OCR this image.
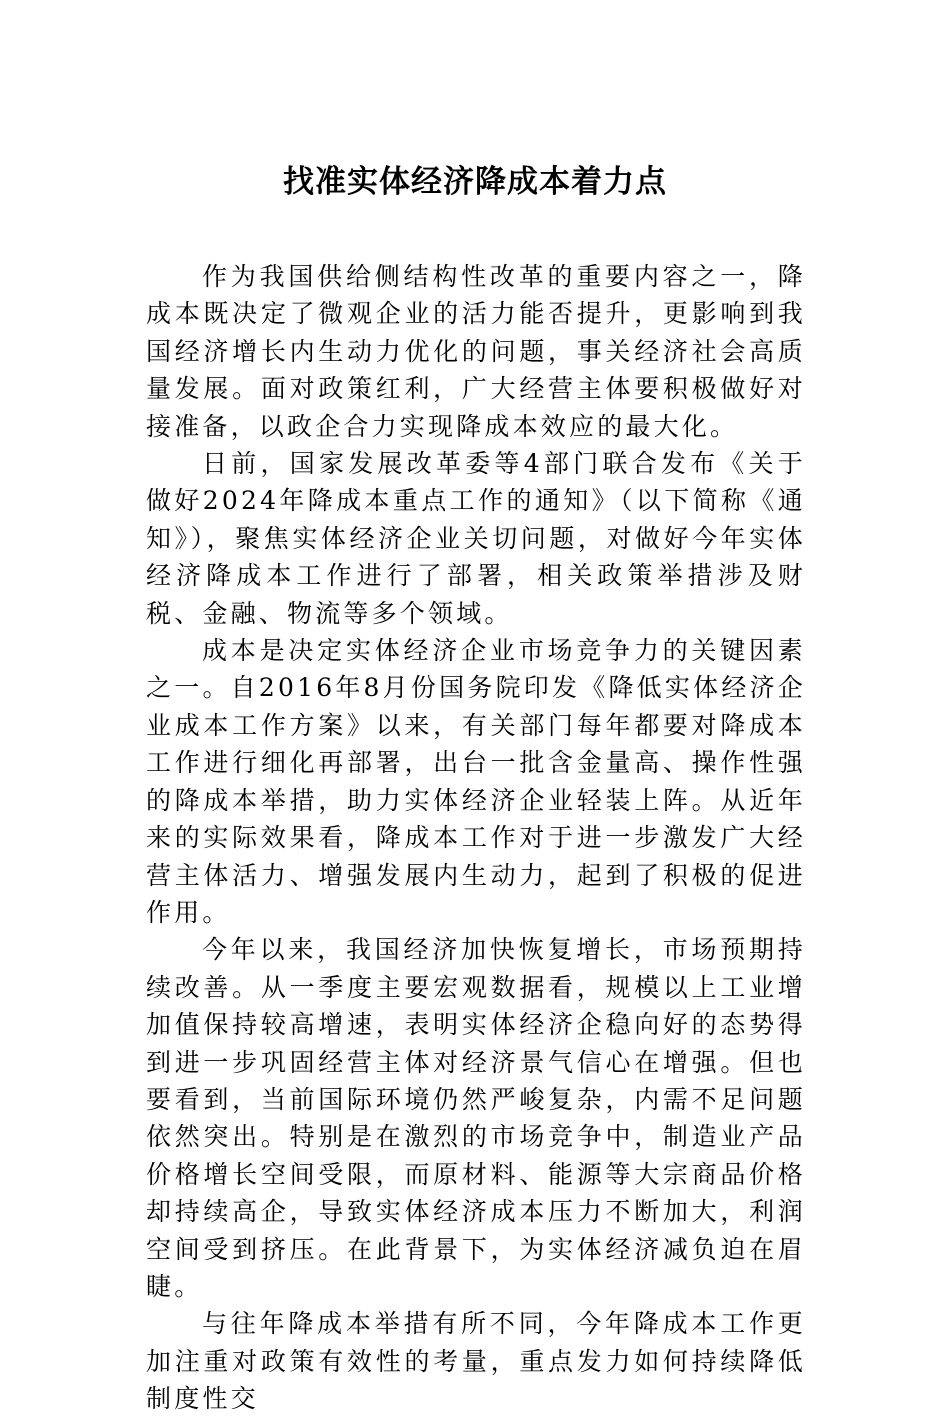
找准实体经济降成本着力点

作为我国供给侧结构性改革的重要内容之一，降成本既决定了微观企业的活力能否提升，更影响到我国经济增长内生动力优化的问题，事关经济社会高质量发展。面对政策红利，广大经营主体要积极做好对接准备，以政企合力实现降成本效应的最大化。

日前，国家发展改革委等4部门联合发布《关于做好2024年降成本重点工作的通知》（以下简称《通知》），聚焦实体经济企业关切问题，对做好今年实体经济降成本工作进行了部署，相关政策举措涉及财税、金融、物流等多个领域。

成本是决定实体经济企业市场竞争力的关键因素之一。自2016年8月份国务院印发《降低实体经济企业成本工作方案》以来，有关部门每年都要对降成本工作进行细化再部署，出台一批含金量高、操作性强的降成本举措，助力实体经济企业轻装上阵。从近年来的实际效果看，降成本工作对于进一步激发广大经营主体活力、增强发展内生动力，起到了积极的促进作用。

今年以来，我国经济加快恢复增长，市场预期持续改善。从一季度主要宏观数据看，规模以上工业增加值保持较高增速，表明实体经济企稳向好的态势得到进一步巩固经营主体对经济景气信心在增强。但也要看到，当前国际环境仍然严峻复杂，内需不足问题依然突出。特别是在激烈的市场竞争中，制造业产品价格增长空间受限，而原材料、能源等大宗商品价格却持续高企，导致实体经济成本压力不断加大，利润空间受到挤压。在此背景下，为实体经济减负迫在眉睫。

与往年降成本举措有所不同，今年降成本工作更加注重对政策有效性的考量，重点发力如何持续降低制度性交
